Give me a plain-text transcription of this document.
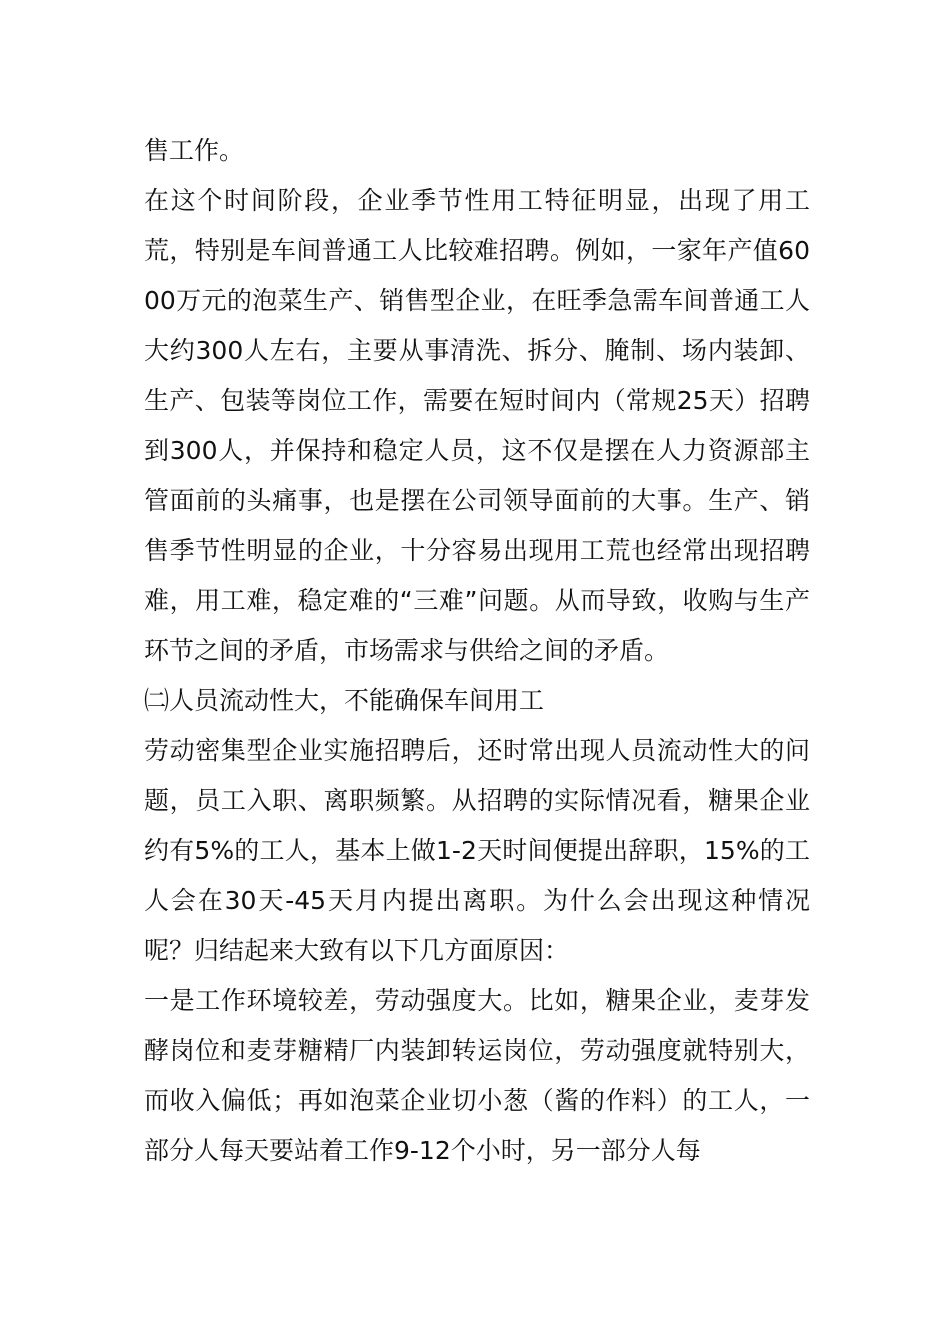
售工作。

在这个时间阶段，企业季节性用工特征明显，出现了用工荒，特别是车间普通工人比较难招聘。例如，一家年产值6000万元的泡菜生产、销售型企业，在旺季急需车间普通工人大约300人左右，主要从事清洗、拆分、腌制、场内装卸、生产、包装等岗位工作，需要在短时间内（常规25天）招聘到300人，并保持和稳定人员，这不仅是摆在人力资源部主管面前的头痛事，也是摆在公司领导面前的大事。生产、销售季节性明显的企业，十分容易出现用工荒也经常出现招聘难，用工难，稳定难的“三难”问题。从而导致，收购与生产环节之间的矛盾，市场需求与供给之间的矛盾。

㈡人员流动性大，不能确保车间用工

劳动密集型企业实施招聘后，还时常出现人员流动性大的问题，员工入职、离职频繁。从招聘的实际情况看，糖果企业约有5%的工人，基本上做1-2天时间便提出辞职，15%的工人会在30天-45天月内提出离职。为什么会出现这种情况呢？归结起来大致有以下几方面原因：

一是工作环境较差，劳动强度大。比如，糖果企业，麦芽发酵岗位和麦芽糖精厂内装卸转运岗位，劳动强度就特别大，而收入偏低；再如泡菜企业切小葱（酱的作料）的工人，一部分人每天要站着工作9-12个小时，另一部分人每
